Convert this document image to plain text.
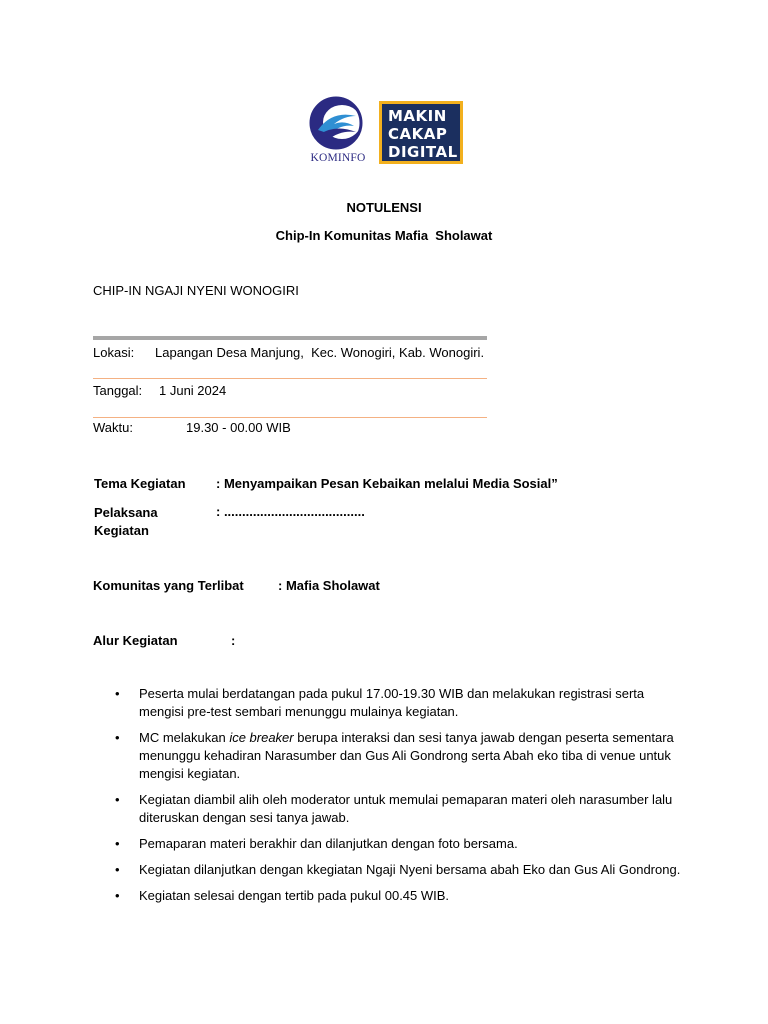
KOMINFO
MAKIN
CAKAP
DIGITAL
NOTULENSI
Chip-In Komunitas Mafia  Sholawat
CHIP-IN NGAJI NYENI WONOGIRI
Lokasi: Lapangan Desa Manjung,  Kec. Wonogiri, Kab. Wonogiri.
Tanggal: 1 Juni 2024
Waktu:	19.30 - 00.00 WIB
Tema Kegiatan : Menyampaikan Pesan Kebaikan melalui Media Sosial”
Pelaksana
Kegiatan
: .......................................
Komunitas yang Terlibat	: Mafia Sholawat
Alur Kegiatan	:
• Peserta mulai berdatangan pada pukul 17.00-19.30 WIB dan melakukan registrasi serta mengisi pre-test sembari menunggu mulainya kegiatan.
• MC melakukan ice breaker berupa interaksi dan sesi tanya jawab dengan peserta sementara menunggu kehadiran Narasumber dan Gus Ali Gondrong serta Abah eko tiba di venue untuk mengisi kegiatan.
• Kegiatan diambil alih oleh moderator untuk memulai pemaparan materi oleh narasumber lalu diteruskan dengan sesi tanya jawab.
• Pemaparan materi berakhir dan dilanjutkan dengan foto bersama.
• Kegiatan dilanjutkan dengan kkegiatan Ngaji Nyeni bersama abah Eko dan Gus Ali Gondrong.
• Kegiatan selesai dengan tertib pada pukul 00.45 WIB.
